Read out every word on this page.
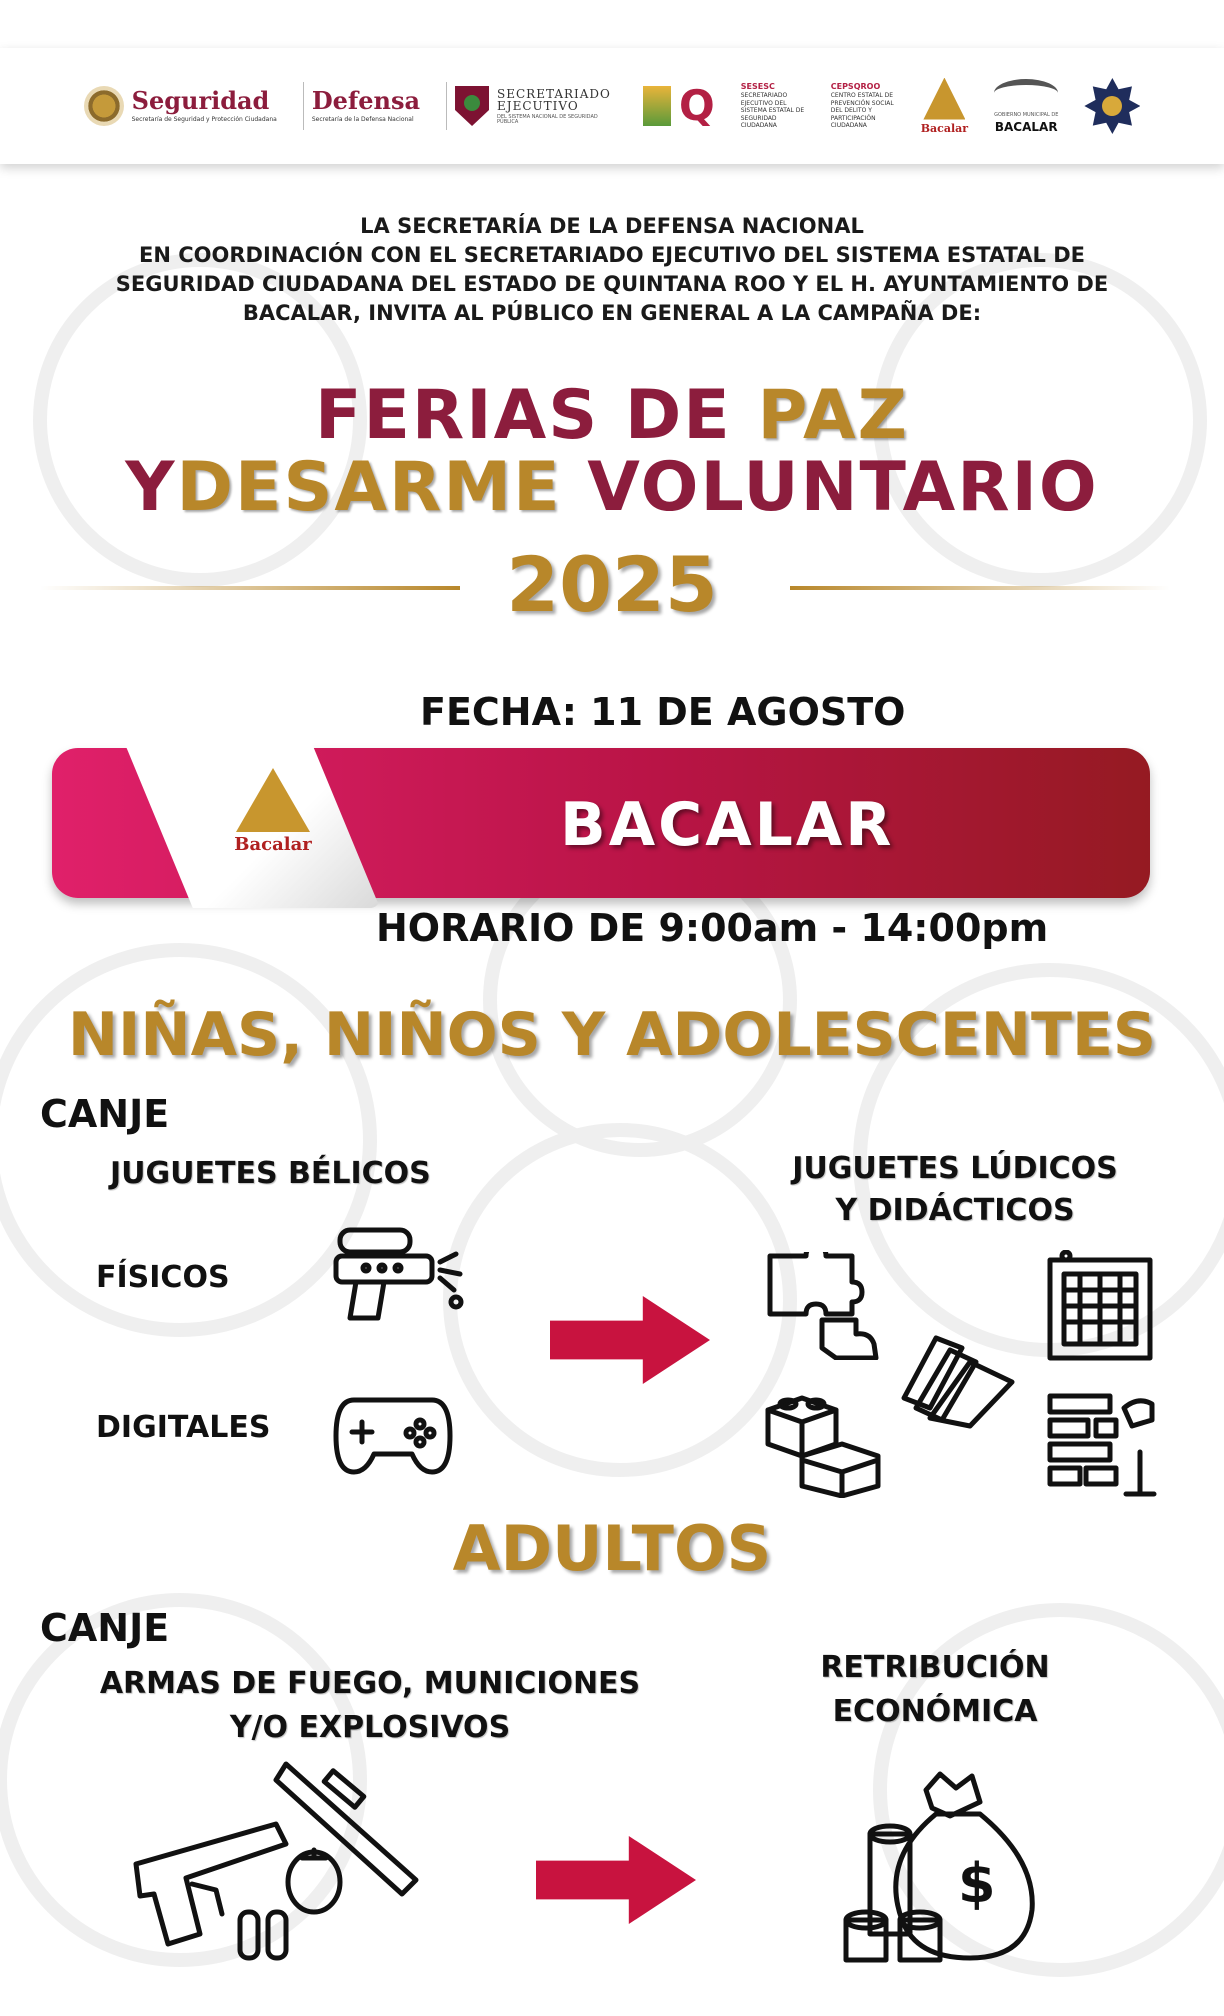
Seguridad
Secretaría de Seguridad y Protección Ciudadana
Defensa
Secretaría de la Defensa Nacional
SECRETARIADO EJECUTIVO
DEL SISTEMA NACIONAL DE SEGURIDAD PÚBLICA	Q	SESESC
SECRETARIADO EJECUTIVO DEL SISTEMA ESTATAL DE SEGURIDAD CIUDADANA
CEPSQROO
CENTRO ESTATAL DE PREVENCIÓN SOCIAL DEL DELITO Y PARTICIPACIÓN CIUDADANA	Bacalar
GOBIERNO MUNICIPAL DE
BACALAR
LA SECRETARÍA DE LA DEFENSA NACIONAL
EN COORDINACIÓN CON EL SECRETARIADO EJECUTIVO DEL SISTEMA ESTATAL DE
SEGURIDAD CIUDADANA DEL ESTADO DE QUINTANA ROO Y EL H. AYUNTAMIENTO DE
BACALAR, INVITA AL PÚBLICO EN GENERAL A LA CAMPAÑA DE:
FERIAS DE PAZ
YDESARME VOLUNTARIO
2025
FECHA: 11 DE AGOSTO
Bacalar	BACALAR
HORARIO DE 9:00am - 14:00pm
NIÑAS, NIÑOS Y ADOLESCENTES
CANJE
JUGUETES BÉLICOS
FÍSICOS
DIGITALES
JUGUETES LÚDICOS
Y DIDÁCTICOS
ADULTOS
CANJE
ARMAS DE FUEGO, MUNICIONES
Y/O EXPLOSIVOS
RETRIBUCIÓN
ECONÓMICA
$
